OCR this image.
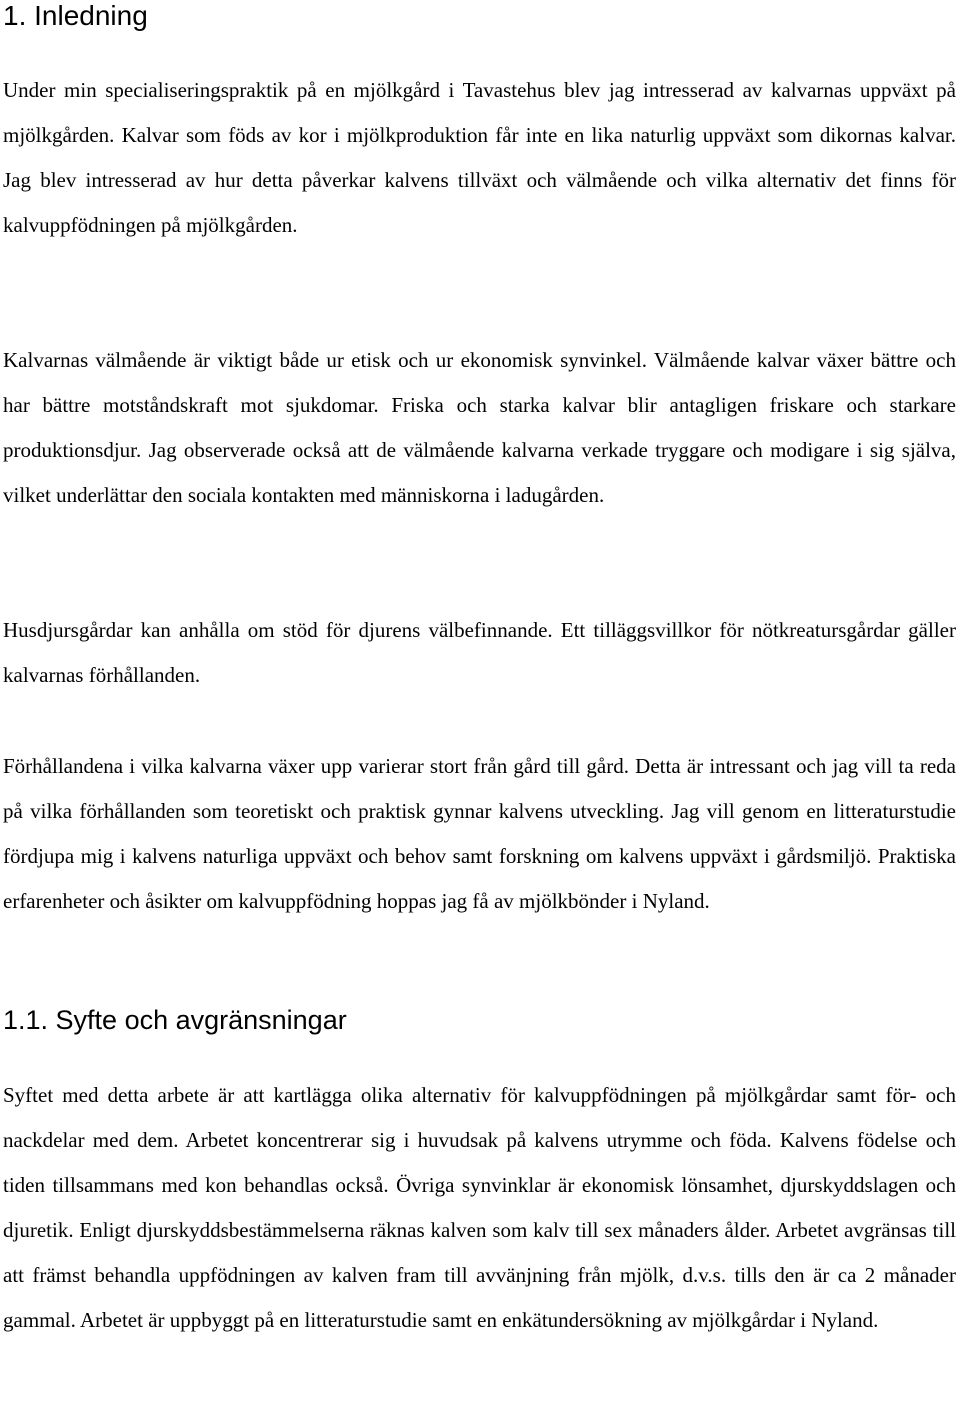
1. Inledning

Under min specialiseringspraktik på en mjölkgård i Tavastehus blev jag intresserad av kalvarnas uppväxt på mjölkgården. Kalvar som föds av kor i mjölkproduktion får inte en lika naturlig uppväxt som dikornas kalvar. Jag blev intresserad av hur detta påverkar kalvens tillväxt och välmående och vilka alternativ det finns för kalvuppfödningen på mjölkgården.

Kalvarnas välmående är viktigt både ur etisk och ur ekonomisk synvinkel. Välmående kalvar växer bättre och har bättre motståndskraft mot sjukdomar. Friska och starka kalvar blir antagligen friskare och starkare produktionsdjur. Jag observerade också att de välmående kalvarna verkade tryggare och modigare i sig själva, vilket underlättar den sociala kontakten med människorna i ladugården.

Husdjursgårdar kan anhålla om stöd för djurens välbefinnande. Ett tilläggsvillkor för nötkreatursgårdar gäller kalvarnas förhållanden.

Förhållandena i vilka kalvarna växer upp varierar stort från gård till gård. Detta är intressant och jag vill ta reda på vilka förhållanden som teoretiskt och praktisk gynnar kalvens utveckling. Jag vill genom en litteraturstudie fördjupa mig i kalvens naturliga uppväxt och behov samt forskning om kalvens uppväxt i gårdsmiljö. Praktiska erfarenheter och åsikter om kalvuppfödning hoppas jag få av mjölkbönder i Nyland.

1.1. Syfte och avgränsningar

Syftet med detta arbete är att kartlägga olika alternativ för kalvuppfödningen på mjölkgårdar samt för- och nackdelar med dem. Arbetet koncentrerar sig i huvudsak på kalvens utrymme och föda. Kalvens födelse och tiden tillsammans med kon behandlas också. Övriga synvinklar är ekonomisk lönsamhet, djurskyddslagen och djuretik. Enligt djurskyddsbestämmelserna räknas kalven som kalv till sex månaders ålder. Arbetet avgränsas till att främst behandla uppfödningen av kalven fram till avvänjning från mjölk, d.v.s. tills den är ca 2 månader gammal. Arbetet är uppbyggt på en litteraturstudie samt en enkätundersökning av mjölkgårdar i Nyland.
